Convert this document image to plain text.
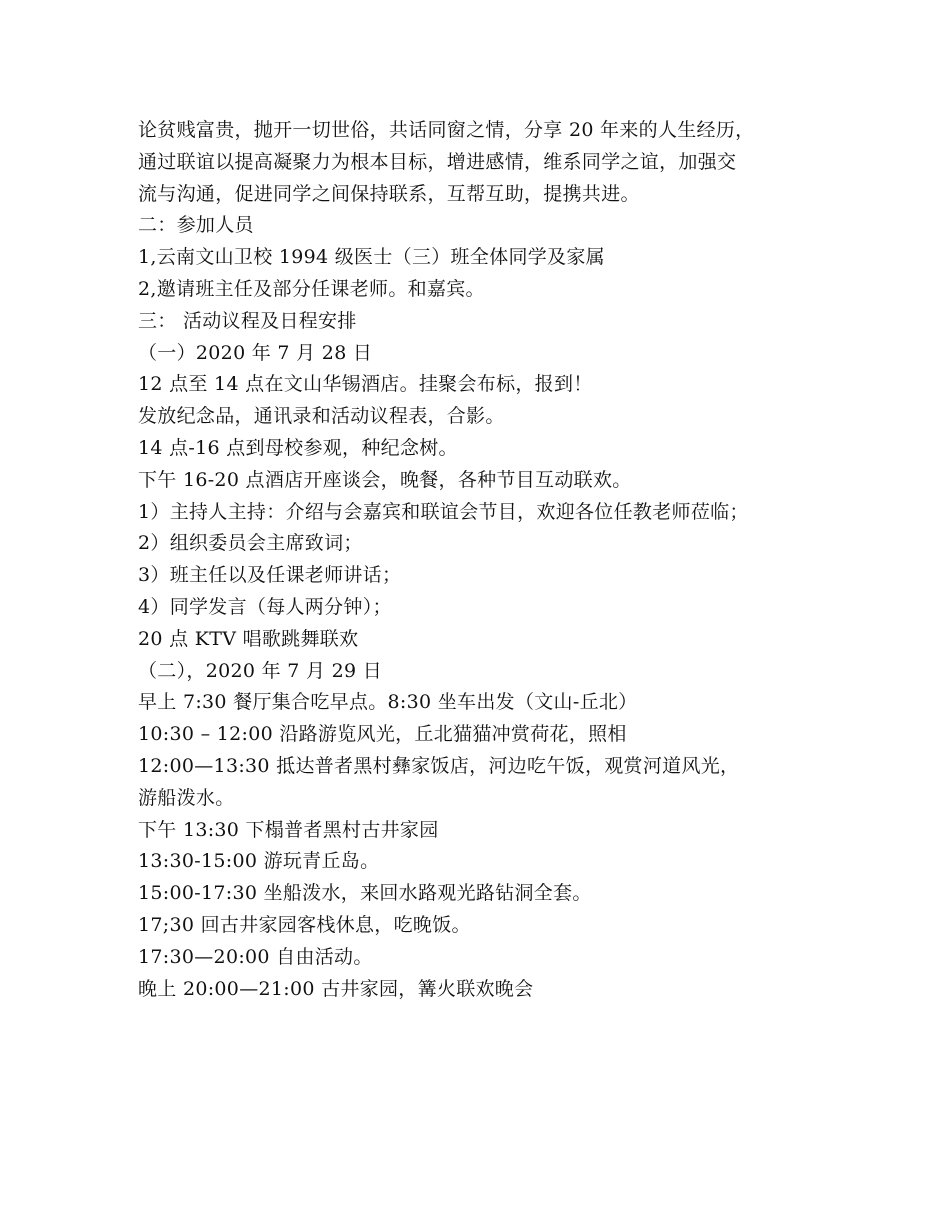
论贫贱富贵，抛开一切世俗，共话同窗之情，分享 20 年来的人生经历，
通过联谊以提高凝聚力为根本目标，增进感情，维系同学之谊，加强交
流与沟通，促进同学之间保持联系，互帮互助，提携共进。
二：参加人员
1,云南文山卫校 1994 级医士（三）班全体同学及家属
2,邀请班主任及部分任课老师。和嘉宾。
三： 活动议程及日程安排
（一）2020 年 7 月 28 日
12 点至 14 点在文山华锡酒店。挂聚会布标，报到！
发放纪念品，通讯录和活动议程表，合影。
14 点-16 点到母校参观，种纪念树。
下午 16-20 点酒店开座谈会，晚餐，各种节目互动联欢。
1）主持人主持：介绍与会嘉宾和联谊会节目，欢迎各位任教老师莅临；
2）组织委员会主席致词；
3）班主任以及任课老师讲话；
4）同学发言（每人两分钟）；
20 点 KTV 唱歌跳舞联欢
（二），2020 年 7 月 29 日
早上 7:30 餐厅集合吃早点。8:30 坐车出发（文山-丘北）
10:30 – 12:00 沿路游览风光，丘北猫猫冲赏荷花，照相
12:00—13:30 抵达普者黑村彝家饭店，河边吃午饭，观赏河道风光，
游船泼水。
下午 13:30 下榻普者黑村古井家园
13:30-15:00 游玩青丘岛。
15:00-17:30 坐船泼水，来回水路观光路钻洞全套。
17;30 回古井家园客栈休息，吃晚饭。
17:30—20:00 自由活动。
晚上 20:00—21:00 古井家园，篝火联欢晚会
